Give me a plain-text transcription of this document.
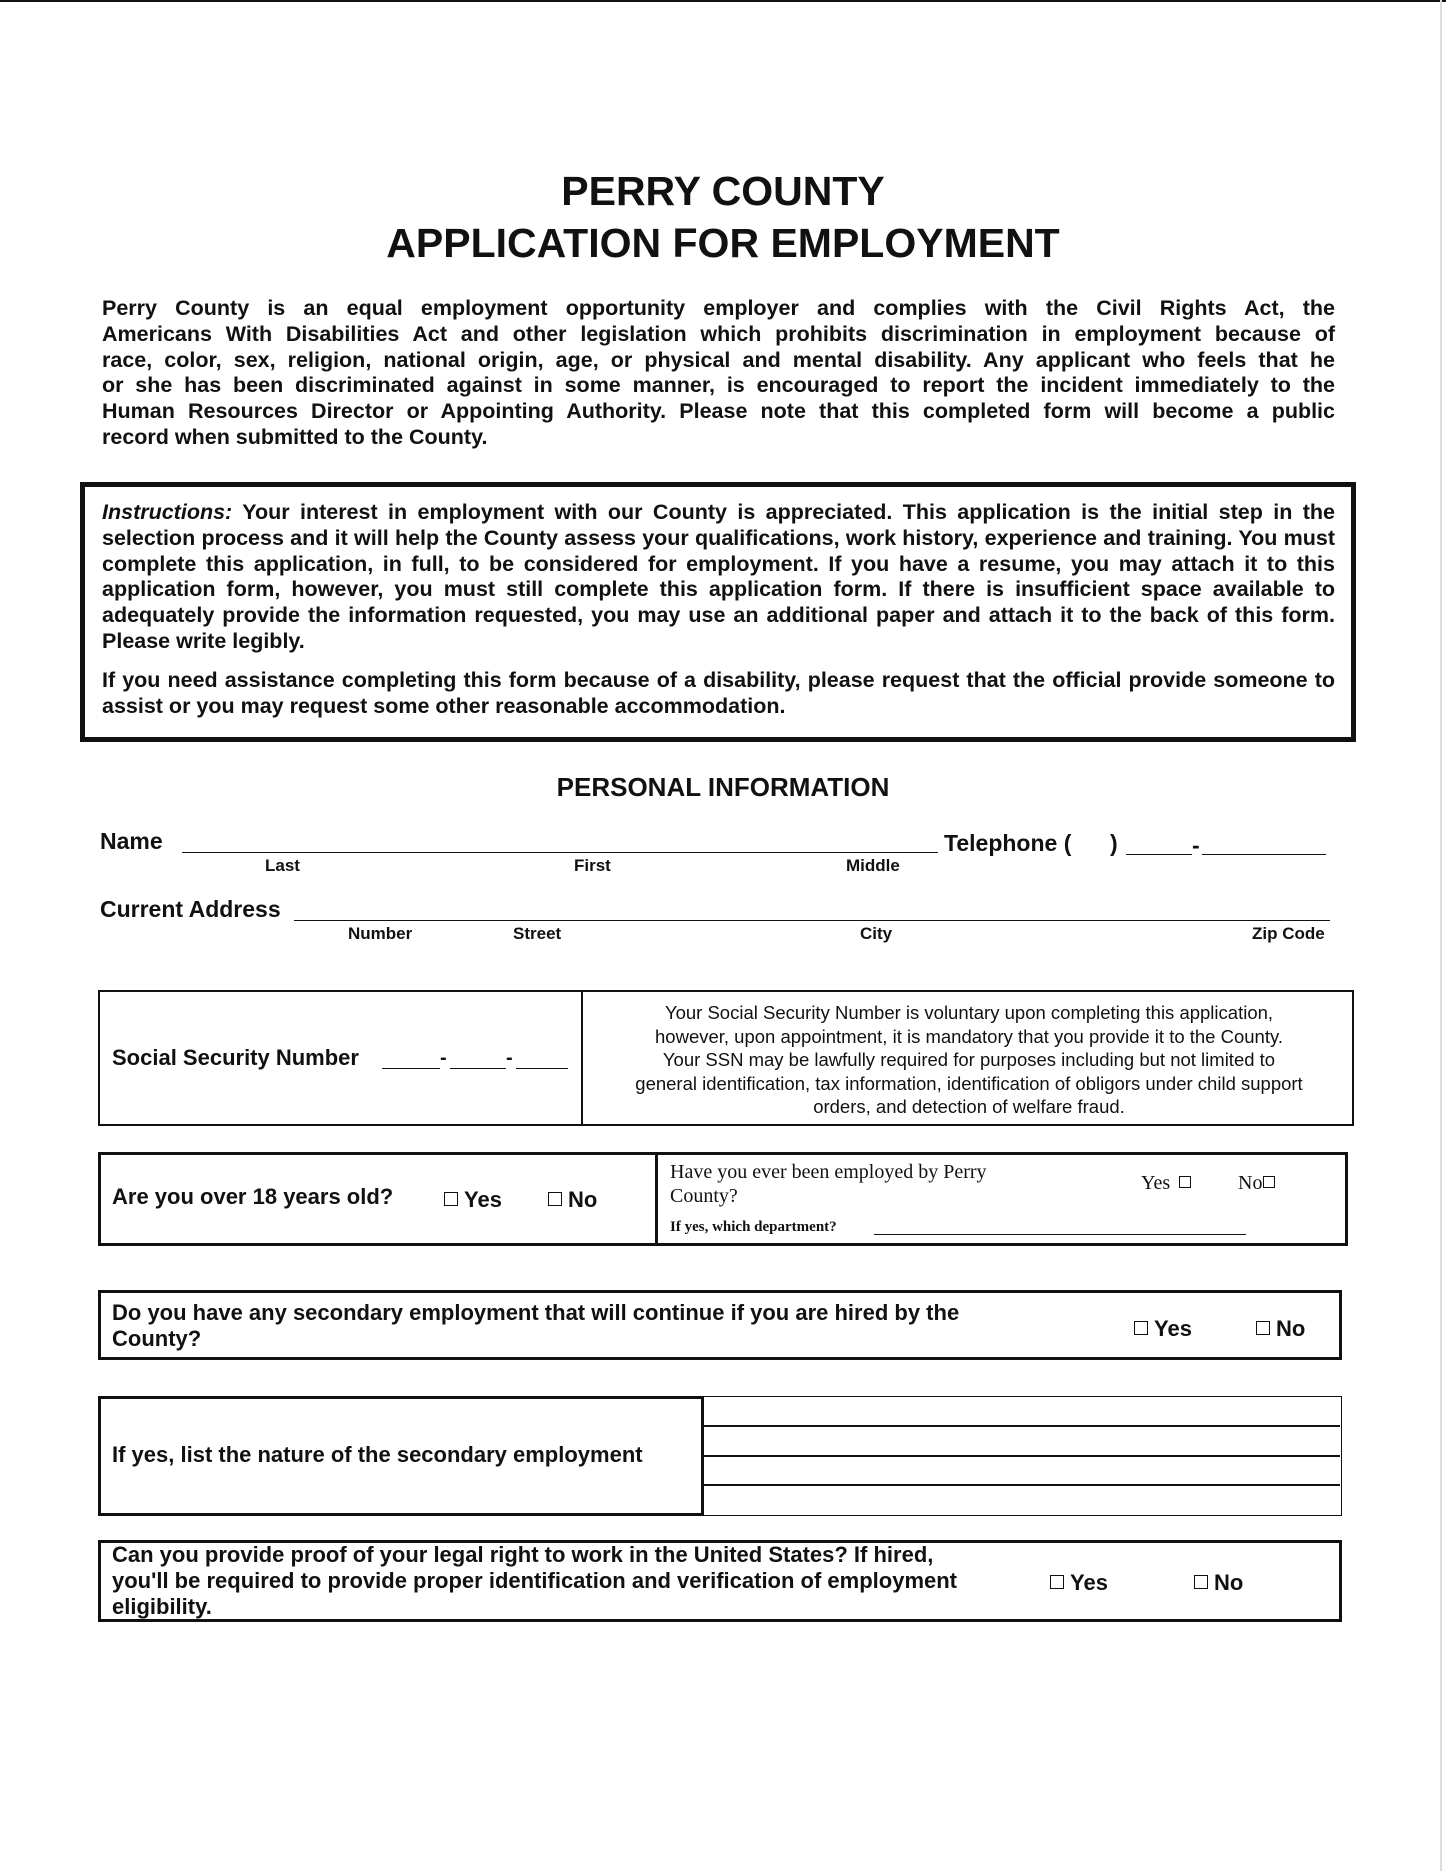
PERRY COUNTY
APPLICATION FOR EMPLOYMENT
Perry County is an equal employment opportunity employer and complies with the Civil Rights Act, the
Americans With Disabilities Act and other legislation which prohibits discrimination in employment because of
race, color, sex, religion, national origin, age, or physical and mental disability. Any applicant who feels that he
or she has been discriminated against in some manner, is encouraged to report the incident immediately to the
Human Resources Director or Appointing Authority. Please note that this completed form will become a public
record when submitted to the County.
Instructions: Your interest in employment with our County is appreciated. This application is the initial step in the selection process and it will help the County assess your qualifications, work history, experience and training. You must complete this application, in full, to be considered for employment. If you have a resume, you may attach it to this application form, however, you must still complete this application form. If there is insufficient space available to adequately provide the information requested, you may use an additional paper and attach it to the back of this form. Please write legibly.
If you need assistance completing this form because of a disability, please request that the official provide someone to assist or you may request some other reasonable accommodation.
PERSONAL INFORMATION
Name
Last	First	Middle
Telephone ( )	-
Current Address
Number	Street	City	Zip Code
Social Security Number	-	-
Your Social Security Number is voluntary upon completing this application,
however, upon appointment, it is mandatory that you provide it to the County.
Your SSN may be lawfully required for purposes including but not limited to
general identification, tax information, identification of obligors under child support
orders, and detection of welfare fraud.
Are you over 18 years old?	Yes	No
Have you ever been employed by Perry
County?
Yes	No
If yes, which department?
Do you have any secondary employment that will continue if you are hired by the
County?	Yes	No
If yes, list the nature of the secondary employment
Can you provide proof of your legal right to work in the United States? If hired,
you'll be required to provide proper identification and verification of employment
eligibility.
Yes	No
